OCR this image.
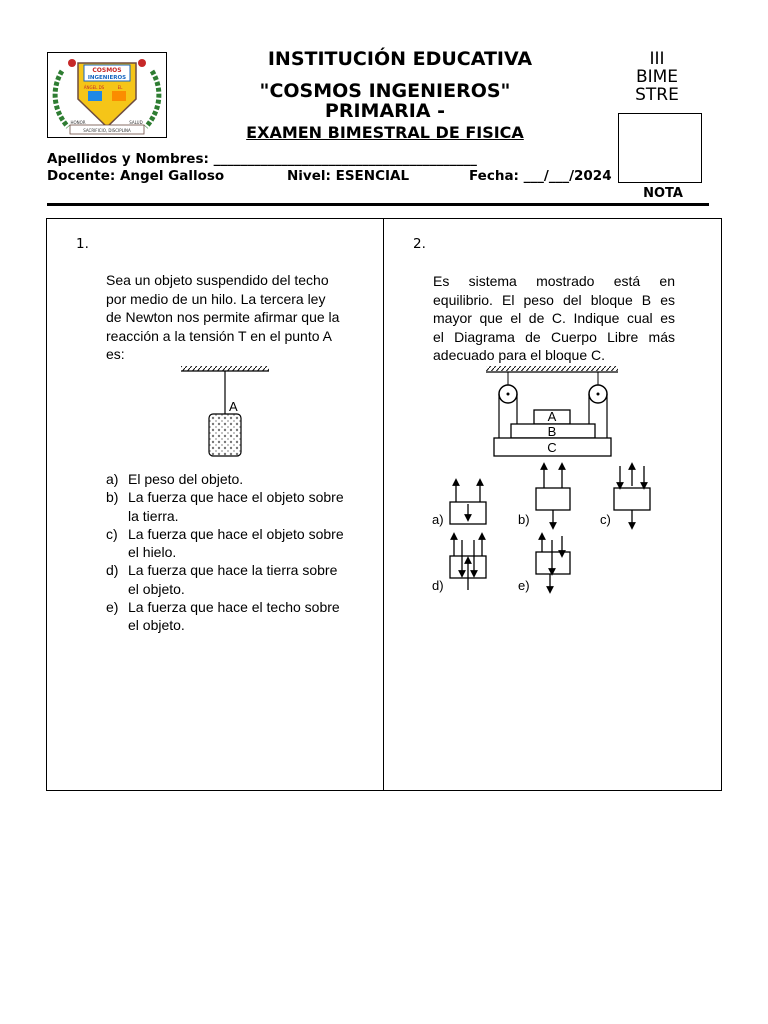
COSMOS
INGENIEROS
ÁNGEL DS	EL
HONOR	SALUD
SACRIFICIO, DISCIPLINA
INSTITUCIÓN EDUCATIVA
"COSMOS INGENIEROS"
PRIMARIA -
EXAMEN BIMESTRAL DE FISICA
III
BIME
STRE
NOTA
Apellidos y Nombres: _______________________________________
Docente: Angel Galloso	Nivel: ESENCIAL	Fecha: ___/___/2024
1.
Sea un objeto suspendido del techo
por medio de un hilo. La tercera ley
de Newton nos permite afirmar que la
reacción a la tensión T en el punto A
es:
A
a) El peso del objeto.
b) La fuerza que hace el objeto sobre
la tierra.
c) La fuerza que hace el objeto sobre
el hielo.
d) La fuerza que hace la tierra sobre
el objeto.
e) La fuerza que hace el techo sobre
el objeto.
2.
Es sistema mostrado está en
equilibrio. El peso del bloque B es
mayor que el de C. Indique cual es
el Diagrama de Cuerpo Libre más
adecuado para el bloque C.
A
B
C
a)	b)	c)
d)	e)
